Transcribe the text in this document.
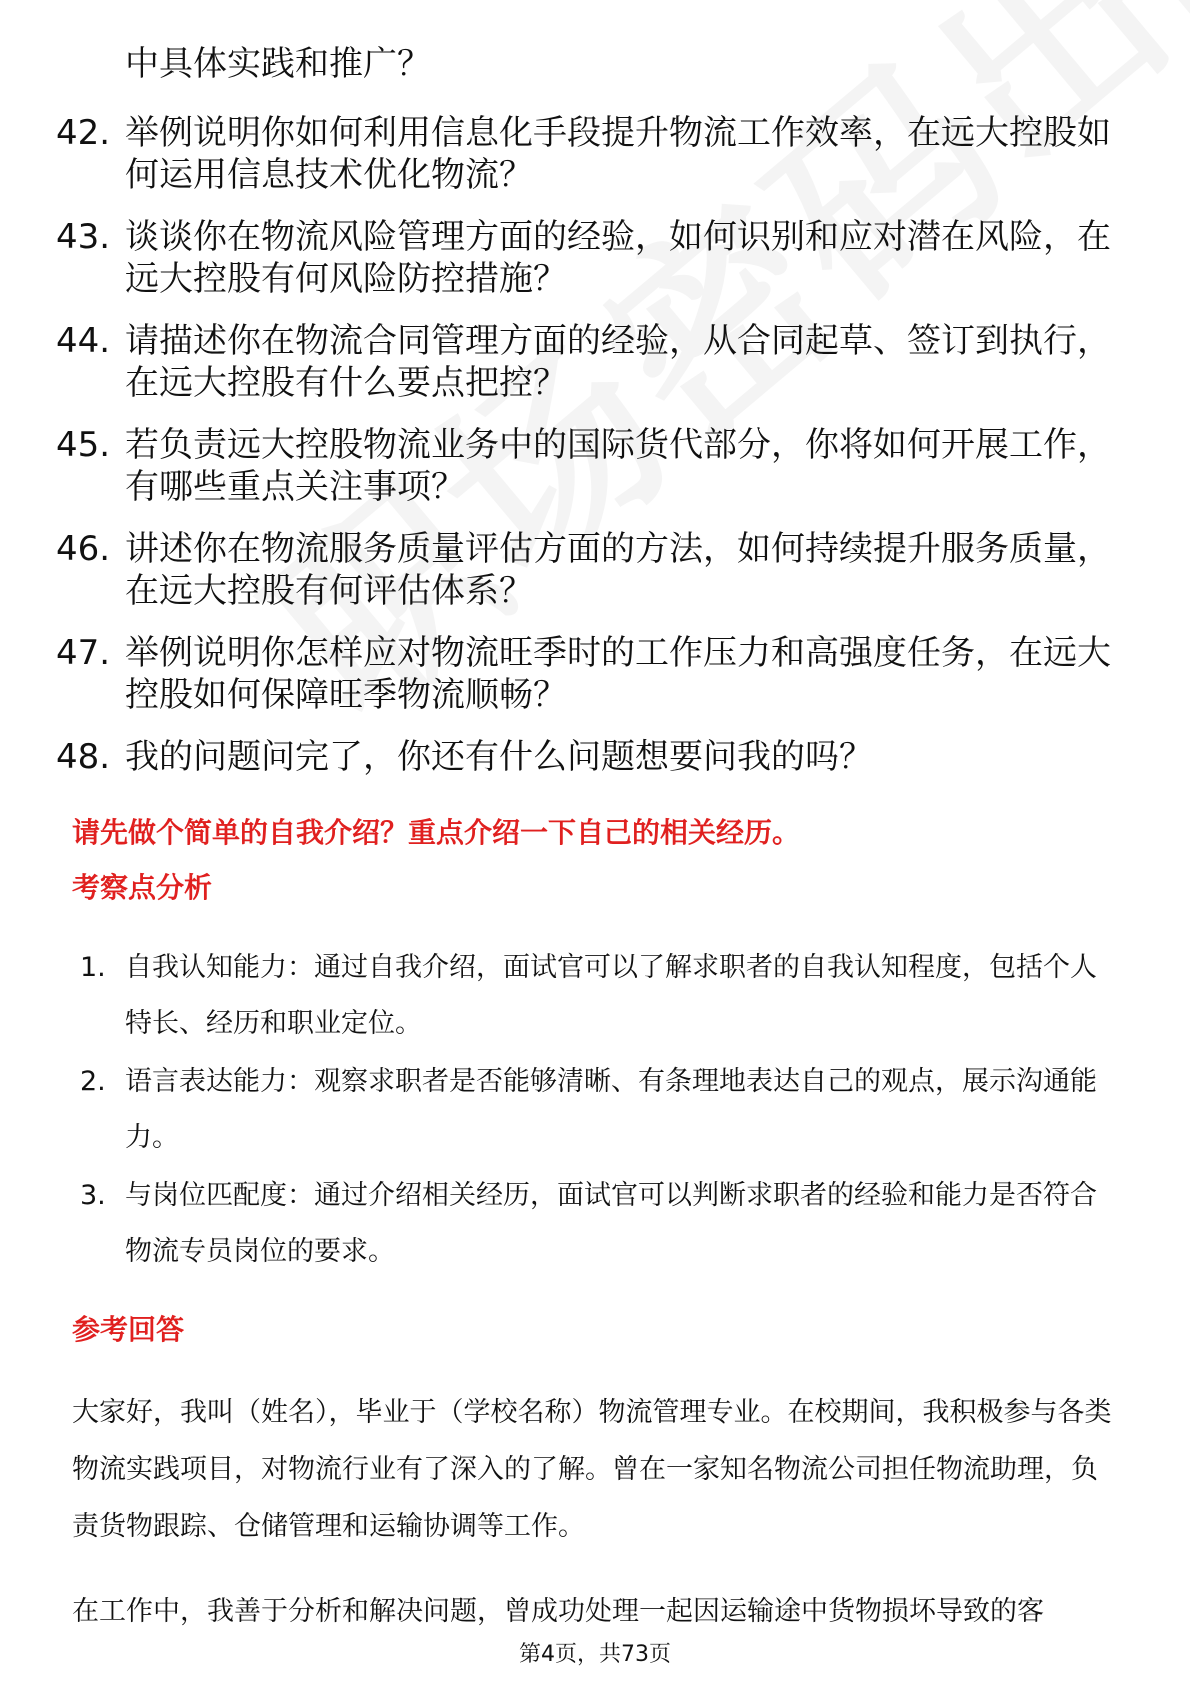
中具体实践和推广？
42. 举例说明你如何利用信息化手段提升物流工作效率，在远大控股如何运用信息技术优化物流？
43. 谈谈你在物流风险管理方面的经验，如何识别和应对潜在风险，在远大控股有何风险防控措施？
44. 请描述你在物流合同管理方面的经验，从合同起草、签订到执行，在远大控股有什么要点把控？
45. 若负责远大控股物流业务中的国际货代部分，你将如何开展工作，有哪些重点关注事项？
46. 讲述你在物流服务质量评估方面的方法，如何持续提升服务质量，在远大控股有何评估体系？
47. 举例说明你怎样应对物流旺季时的工作压力和高强度任务，在远大控股如何保障旺季物流顺畅？
48. 我的问题问完了，你还有什么问题想要问我的吗？
请先做个简单的自我介绍？重点介绍一下自己的相关经历。
考察点分析
1. 自我认知能力：通过自我介绍，面试官可以了解求职者的自我认知程度，包括个人特长、经历和职业定位。
2. 语言表达能力：观察求职者是否能够清晰、有条理地表达自己的观点，展示沟通能力。
3. 与岗位匹配度：通过介绍相关经历，面试官可以判断求职者的经验和能力是否符合物流专员岗位的要求。
参考回答
大家好，我叫（姓名），毕业于（学校名称）物流管理专业。在校期间，我积极参与各类物流实践项目，对物流行业有了深入的了解。曾在一家知名物流公司担任物流助理，负责货物跟踪、仓储管理和运输协调等工作。
在工作中，我善于分析和解决问题，曾成功处理一起因运输途中货物损坏导致的客
第4页，共73页
